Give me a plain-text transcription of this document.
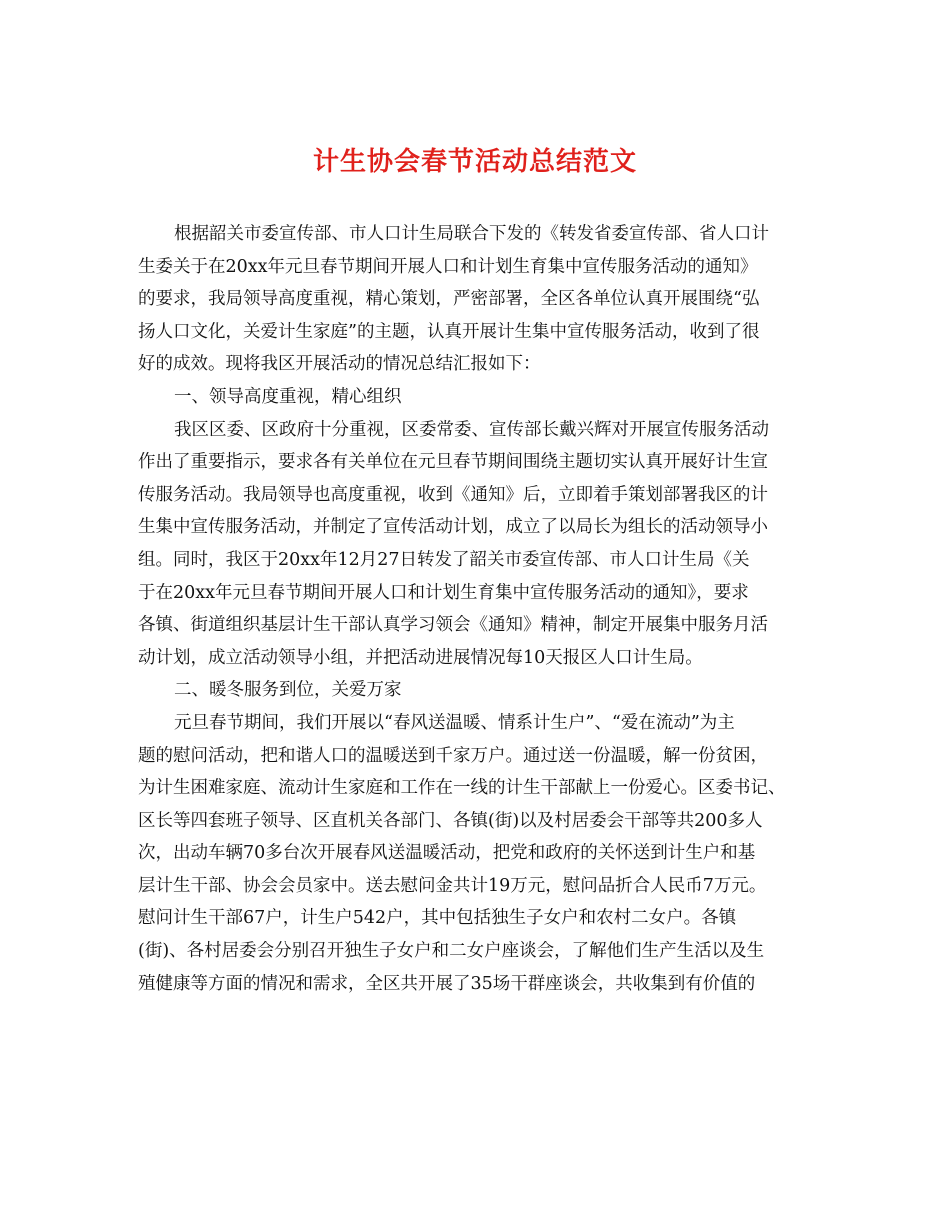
计生协会春节活动总结范文
根据韶关市委宣传部、市人口计生局联合下发的《转发省委宣传部、省人口计
生委关于在20xx年元旦春节期间开展人口和计划生育集中宣传服务活动的通知》
的要求，我局领导高度重视，精心策划，严密部署，全区各单位认真开展围绕“弘
扬人口文化，关爱计生家庭”的主题，认真开展计生集中宣传服务活动，收到了很
好的成效。现将我区开展活动的情况总结汇报如下：
一、领导高度重视，精心组织
我区区委、区政府十分重视，区委常委、宣传部长戴兴辉对开展宣传服务活动
作出了重要指示，要求各有关单位在元旦春节期间围绕主题切实认真开展好计生宣
传服务活动。我局领导也高度重视，收到《通知》后，立即着手策划部署我区的计
生集中宣传服务活动，并制定了宣传活动计划，成立了以局长为组长的活动领导小
组。同时，我区于20xx年12月27日转发了韶关市委宣传部、市人口计生局《关
于在20xx年元旦春节期间开展人口和计划生育集中宣传服务活动的通知》，要求
各镇、街道组织基层计生干部认真学习领会《通知》精神，制定开展集中服务月活
动计划，成立活动领导小组，并把活动进展情况每10天报区人口计生局。
二、暖冬服务到位，关爱万家
元旦春节期间，我们开展以“春风送温暖、情系计生户”、“爱在流动”为主
题的慰问活动，把和谐人口的温暖送到千家万户。通过送一份温暖，解一份贫困，
为计生困难家庭、流动计生家庭和工作在一线的计生干部献上一份爱心。区委书记、
区长等四套班子领导、区直机关各部门、各镇(街)以及村居委会干部等共200多人
次，出动车辆70多台次开展春风送温暖活动，把党和政府的关怀送到计生户和基
层计生干部、协会会员家中。送去慰问金共计19万元，慰问品折合人民币7万元。
慰问计生干部67户，计生户542户，其中包括独生子女户和农村二女户。各镇
(街)、各村居委会分别召开独生子女户和二女户座谈会，了解他们生产生活以及生
殖健康等方面的情况和需求，全区共开展了35场干群座谈会，共收集到有价值的
